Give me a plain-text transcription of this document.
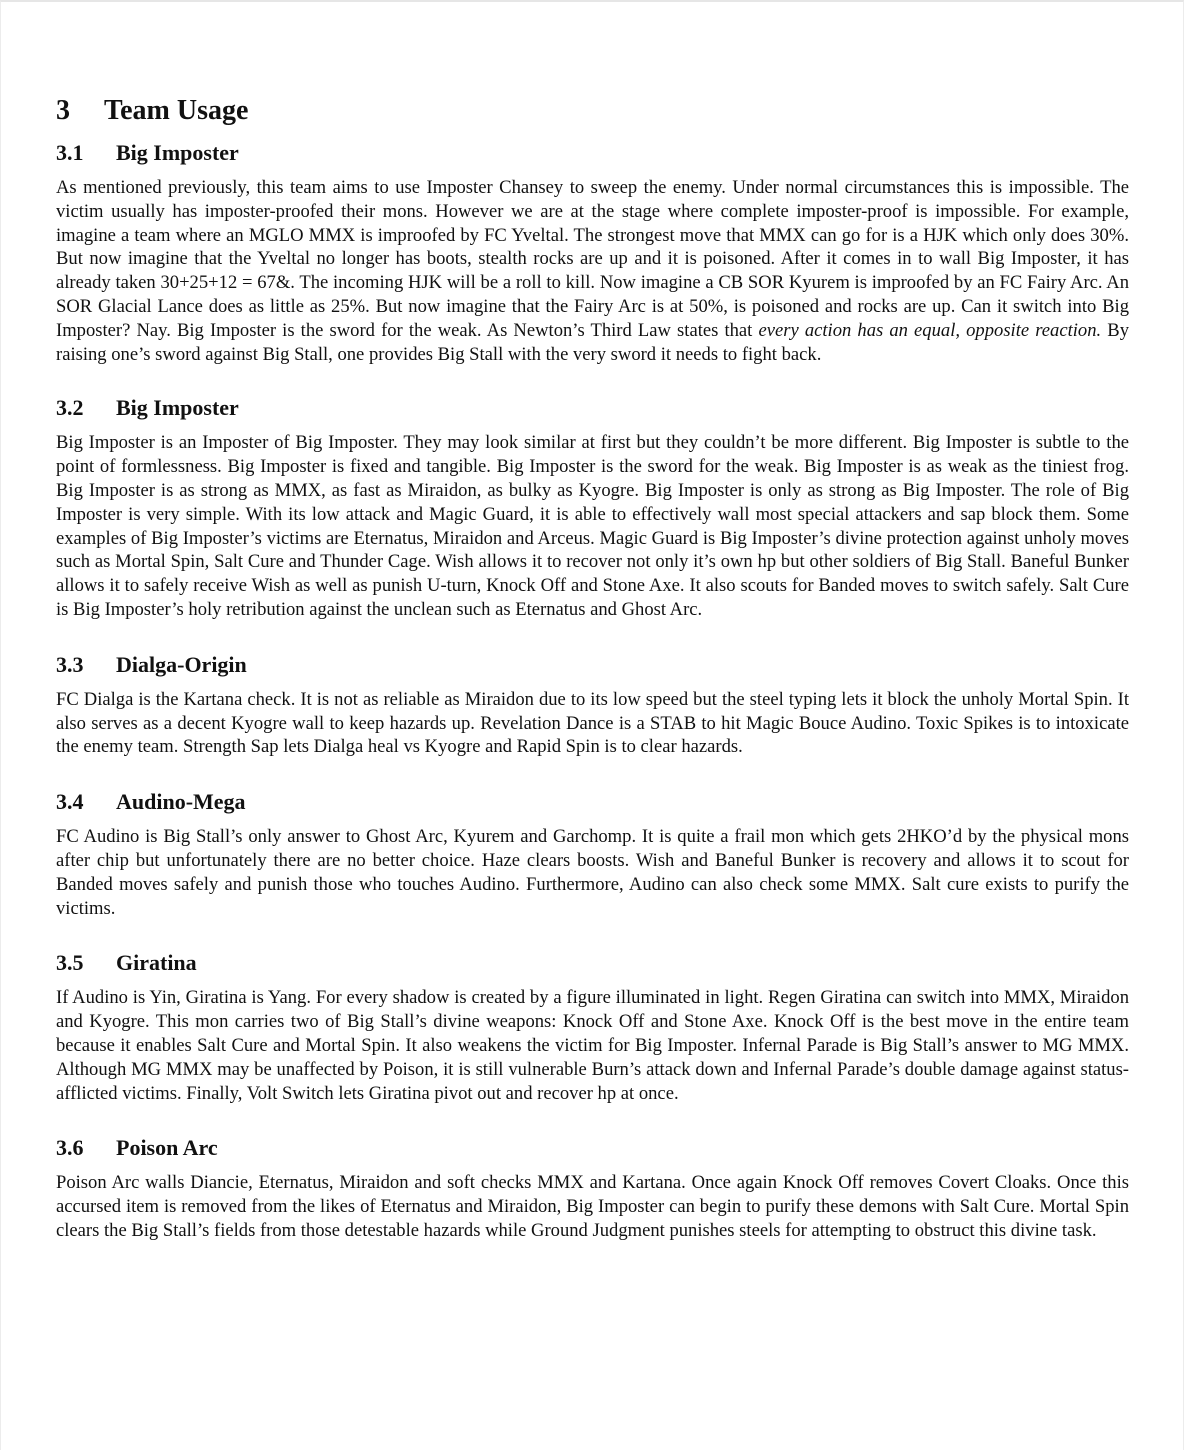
3	Team Usage
3.1	Big Imposter

As mentioned previously, this team aims to use Imposter Chansey to sweep the enemy. Under normal circumstances this is impossible. The victim usually has imposter-proofed their mons. However we are at the stage where complete imposter-proof is impossible. For example, imagine a team where an MGLO MMX is improofed by FC Yveltal. The strongest move that MMX can go for is a HJK which only does 30%. But now imagine that the Yveltal no longer has boots, stealth rocks are up and it is poisoned. After it comes in to wall Big Imposter, it has already taken 30+25+12 = 67&. The incoming HJK will be a roll to kill. Now imagine a CB SOR Kyurem is improofed by an FC Fairy Arc. An SOR Glacial Lance does as little as 25%. But now imagine that the Fairy Arc is at 50%, is poisoned and rocks are up. Can it switch into Big Imposter? Nay. Big Imposter is the sword for the weak. As Newton’s Third Law states that every action has an equal, opposite reaction. By raising one’s sword against Big Stall, one provides Big Stall with the very sword it needs to fight back.

3.2	Big Imposter

Big Imposter is an Imposter of Big Imposter. They may look similar at first but they couldn’t be more different. Big Imposter is subtle to the point of formlessness. Big Imposter is fixed and tangible. Big Imposter is the sword for the weak. Big Imposter is as weak as the tiniest frog. Big Imposter is as strong as MMX, as fast as Miraidon, as bulky as Kyogre. Big Imposter is only as strong as Big Imposter. The role of Big Imposter is very simple. With its low attack and Magic Guard, it is able to effectively wall most special attackers and sap block them. Some examples of Big Imposter’s victims are Eternatus, Miraidon and Arceus. Magic Guard is Big Imposter’s divine protection against unholy moves such as Mortal Spin, Salt Cure and Thunder Cage. Wish allows it to recover not only it’s own hp but other soldiers of Big Stall. Baneful Bunker allows it to safely receive Wish as well as punish U-turn, Knock Off and Stone Axe. It also scouts for Banded moves to switch safely. Salt Cure is Big Imposter’s holy retribution against the unclean such as Eternatus and Ghost Arc.

3.3	Dialga-Origin

FC Dialga is the Kartana check. It is not as reliable as Miraidon due to its low speed but the steel typing lets it block the unholy Mortal Spin. It also serves as a decent Kyogre wall to keep hazards up. Revelation Dance is a STAB to hit Magic Bouce Audino. Toxic Spikes is to intoxicate the enemy team. Strength Sap lets Dialga heal vs Kyogre and Rapid Spin is to clear hazards.

3.4	Audino-Mega

FC Audino is Big Stall’s only answer to Ghost Arc, Kyurem and Garchomp. It is quite a frail mon which gets 2HKO’d by the physical mons after chip but unfortunately there are no better choice. Haze clears boosts. Wish and Baneful Bunker is recovery and allows it to scout for Banded moves safely and punish those who touches Audino. Furthermore, Audino can also check some MMX. Salt cure exists to purify the victims.

3.5	Giratina

If Audino is Yin, Giratina is Yang. For every shadow is created by a figure illuminated in light. Regen Giratina can switch into MMX, Miraidon and Kyogre. This mon carries two of Big Stall’s divine weapons: Knock Off and Stone Axe. Knock Off is the best move in the entire team because it enables Salt Cure and Mortal Spin. It also weakens the victim for Big Imposter. Infernal Parade is Big Stall’s answer to MG MMX. Although MG MMX may be unaffected by Poison, it is still vulnerable Burn’s attack down and Infernal Parade’s double damage against status-afflicted victims. Finally, Volt Switch lets Giratina pivot out and recover hp at once.

3.6	Poison Arc

Poison Arc walls Diancie, Eternatus, Miraidon and soft checks MMX and Kartana. Once again Knock Off removes Covert Cloaks. Once this accursed item is removed from the likes of Eternatus and Miraidon, Big Imposter can begin to purify these demons with Salt Cure. Mortal Spin clears the Big Stall’s fields from those detestable hazards while Ground Judgment punishes steels for attempting to obstruct this divine task.
